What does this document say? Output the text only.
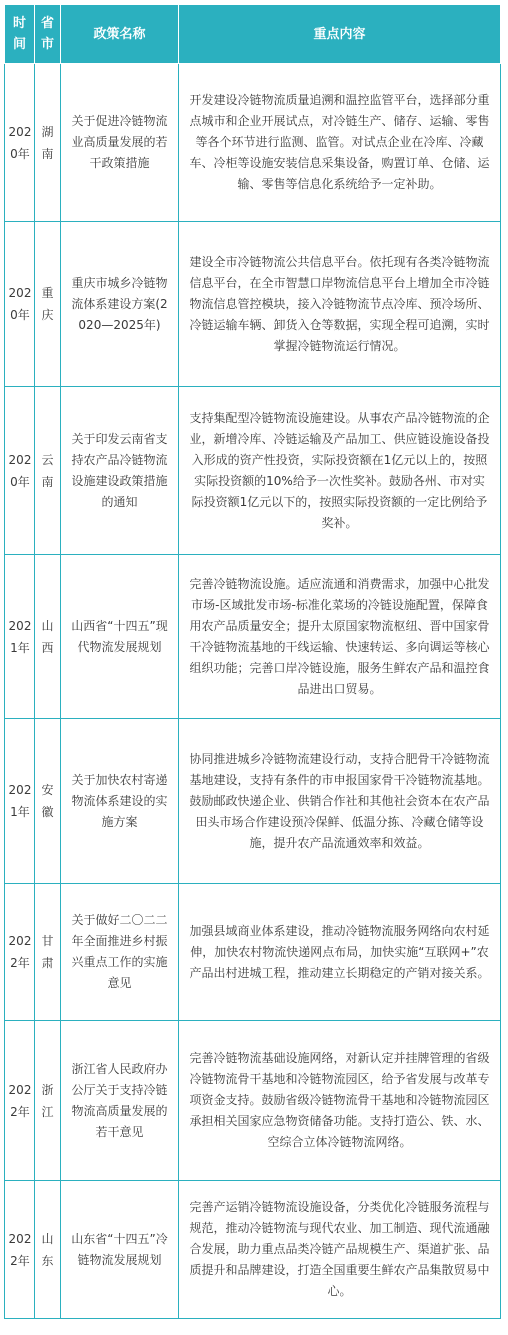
时间	省市	政策名称	重点内容
2020年	湖南	关于促进冷链物流业高质量发展的若干政策措施	开发建设冷链物流质量追溯和温控监管平台，选择部分重点城市和企业开展试点，对冷链生产、储存、运输、零售等各个环节进行监测、监管。对试点企业在冷库、冷藏车、冷柜等设施安装信息采集设备，购置订单、仓储、运输、零售等信息化系统给予一定补助。
2020年	重庆	重庆市城乡冷链物流体系建设方案(2020—2025年)	建设全市冷链物流公共信息平台。依托现有各类冷链物流信息平台，在全市智慧口岸物流信息平台上增加全市冷链物流信息管控模块，接入冷链物流节点冷库、预冷场所、冷链运输车辆、卸货入仓等数据，实现全程可追溯，实时掌握冷链物流运行情况。
2020年	云南	关于印发云南省支持农产品冷链物流设施建设政策措施的通知	支持集配型冷链物流设施建设。从事农产品冷链物流的企业，新增冷库、冷链运输及产品加工、供应链设施设备投入形成的资产性投资，实际投资额在1亿元以上的，按照实际投资额的10%给予一次性奖补。鼓励各州、市对实际投资额1亿元以下的，按照实际投资额的一定比例给予奖补。
2021年	山西	山西省“十四五”现代物流发展规划	完善冷链物流设施。适应流通和消费需求，加强中心批发市场-区域批发市场-标准化菜场的冷链设施配置，保障食用农产品质量安全；提升太原国家物流枢纽、晋中国家骨干冷链物流基地的干线运输、快速转运、多向调运等核心组织功能；完善口岸冷链设施，服务生鲜农产品和温控食品进出口贸易。
2021年	安徽	关于加快农村寄递物流体系建设的实施方案	协同推进城乡冷链物流建设行动，支持合肥骨干冷链物流基地建设，支持有条件的市申报国家骨干冷链物流基地。鼓励邮政快递企业、供销合作社和其他社会资本在农产品田头市场合作建设预冷保鲜、低温分拣、冷藏仓储等设施，提升农产品流通效率和效益。
2022年	甘肃	关于做好二〇二二年全面推进乡村振兴重点工作的实施意见	加强县域商业体系建设，推动冷链物流服务网络向农村延伸，加快农村物流快递网点布局，加快实施“互联网+”农产品出村进城工程，推动建立长期稳定的产销对接关系。
2022年	浙江	浙江省人民政府办公厅关于支持冷链物流高质量发展的若干意见	完善冷链物流基础设施网络，对新认定并挂牌管理的省级冷链物流骨干基地和冷链物流园区，给予省发展与改革专项资金支持。鼓励省级冷链物流骨干基地和冷链物流园区承担相关国家应急物资储备功能。支持打造公、铁、水、空综合立体冷链物流网络。
2022年	山东	山东省“十四五”冷链物流发展规划	完善产运销冷链物流设施设备，分类优化冷链服务流程与规范，推动冷链物流与现代农业、加工制造、现代流通融合发展，助力重点品类冷链产品规模生产、渠道扩张、品质提升和品牌建设，打造全国重要生鲜农产品集散贸易中心。
